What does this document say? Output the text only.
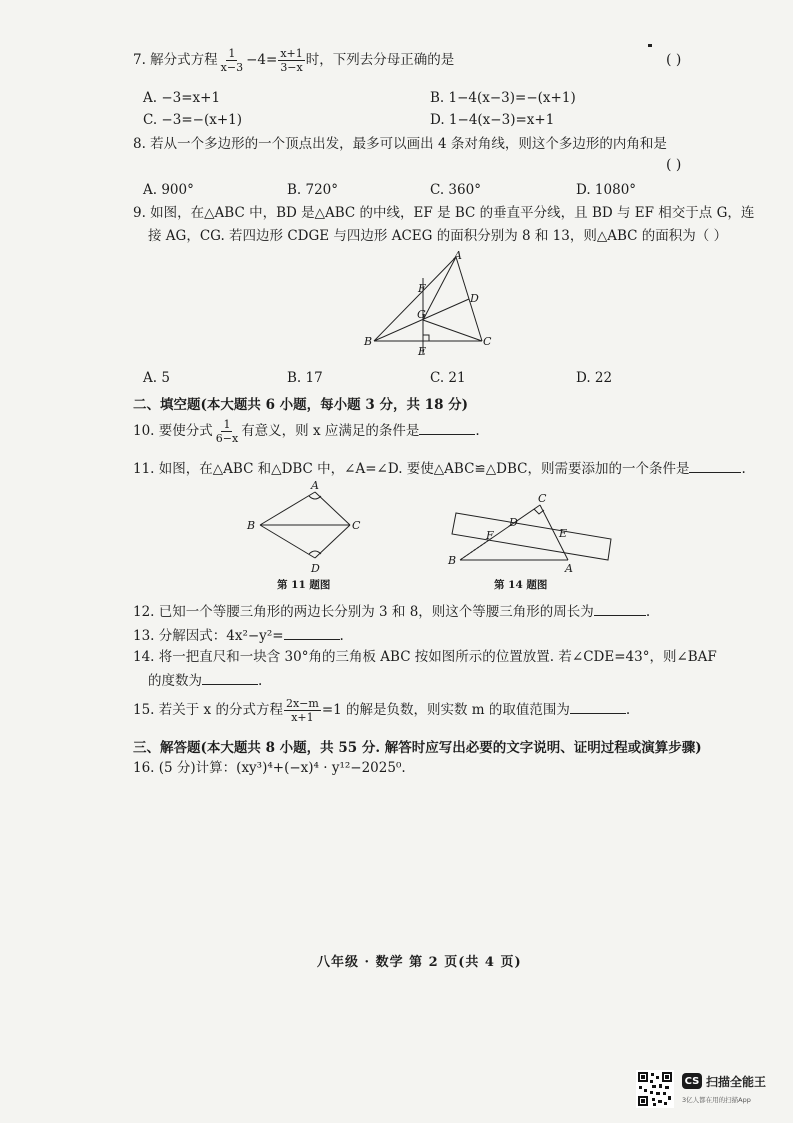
7. 解分式方程 $\frac{1}{x-3} -4= \frac{x+1}{3-x}$ 时，下列去分母正确的是	( )
A. −3=x+1	B. 1−4(x−3)=−(x+1)
C. −3=−(x+1)	D. 1−4(x−3)=x+1
8. 若从一个多边形的一个顶点出发，最多可以画出 4 条对角线，则这个多边形的内角和是
( )
A. 900°	B. 720°	C. 360°	D. 1080°
9. 如图，在△ABC 中，BD 是△ABC 的中线，EF 是 BC 的垂直平分线，且 BD 与 EF 相交于点 G，连
接 AG，CG. 若四边形 CDGE 与四边形 ACEG 的面积分别为 8 和 13，则△ABC 的面积为（ ）
A
B	C
D
E
F
G
A. 5	B. 17	C. 21	D. 22
二、填空题(本大题共 6 小题，每小题 3 分，共 18 分)
10. 要使分式 $\frac{1}{6-x}$ 有意义，则 x 应满足的条件是	.
11. 如图，在△ABC 和△DBC 中，∠A=∠D. 要使△ABC≌△DBC，则需要添加的一个条件是	.
A
B	C
D
第 11 题图
C
D
E
F
B
A
第 14 题图
12. 已知一个等腰三角形的两边长分别为 3 和 8，则这个等腰三角形的周长为	.
13. 分解因式：4x²−y²=	.
14. 将一把直尺和一块含 30°角的三角板 ABC 按如图所示的位置放置. 若∠CDE=43°，则∠BAF
的度数为	.
15. 若关于 x 的分式方程 $\frac{2x-m}{x+1} =1$ 的解是负数，则实数 m 的取值范围为	.
三、解答题(本大题共 8 小题，共 55 分. 解答时应写出必要的文字说明、证明过程或演算步骤)
16. (5 分)计算：(xy³)⁴+(−x)⁴ · y¹²−2025⁰.
八年级 · 数学 第 2 页(共 4 页)
CS 扫描全能王
3亿人都在用的扫描App
